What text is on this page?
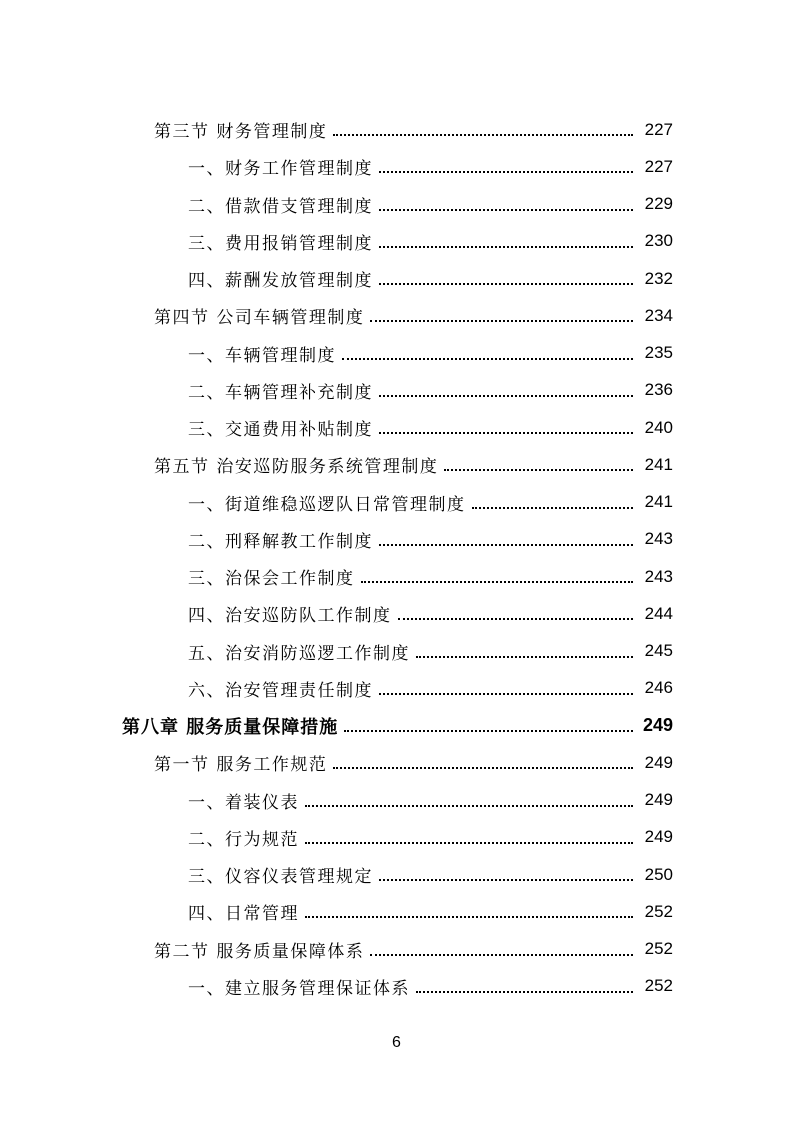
第三节 财务管理制度	227
一、财务工作管理制度	227
二、借款借支管理制度	229
三、费用报销管理制度	230
四、薪酬发放管理制度	232
第四节 公司车辆管理制度	234
一、车辆管理制度	235
二、车辆管理补充制度	236
三、交通费用补贴制度	240
第五节 治安巡防服务系统管理制度	241
一、街道维稳巡逻队日常管理制度	241
二、刑释解教工作制度	243
三、治保会工作制度	243
四、治安巡防队工作制度	244
五、治安消防巡逻工作制度	245
六、治安管理责任制度	246
第八章 服务质量保障措施	249
第一节 服务工作规范	249
一、着装仪表	249
二、行为规范	249
三、仪容仪表管理规定	250
四、日常管理	252
第二节 服务质量保障体系	252
一、建立服务管理保证体系	252
6
